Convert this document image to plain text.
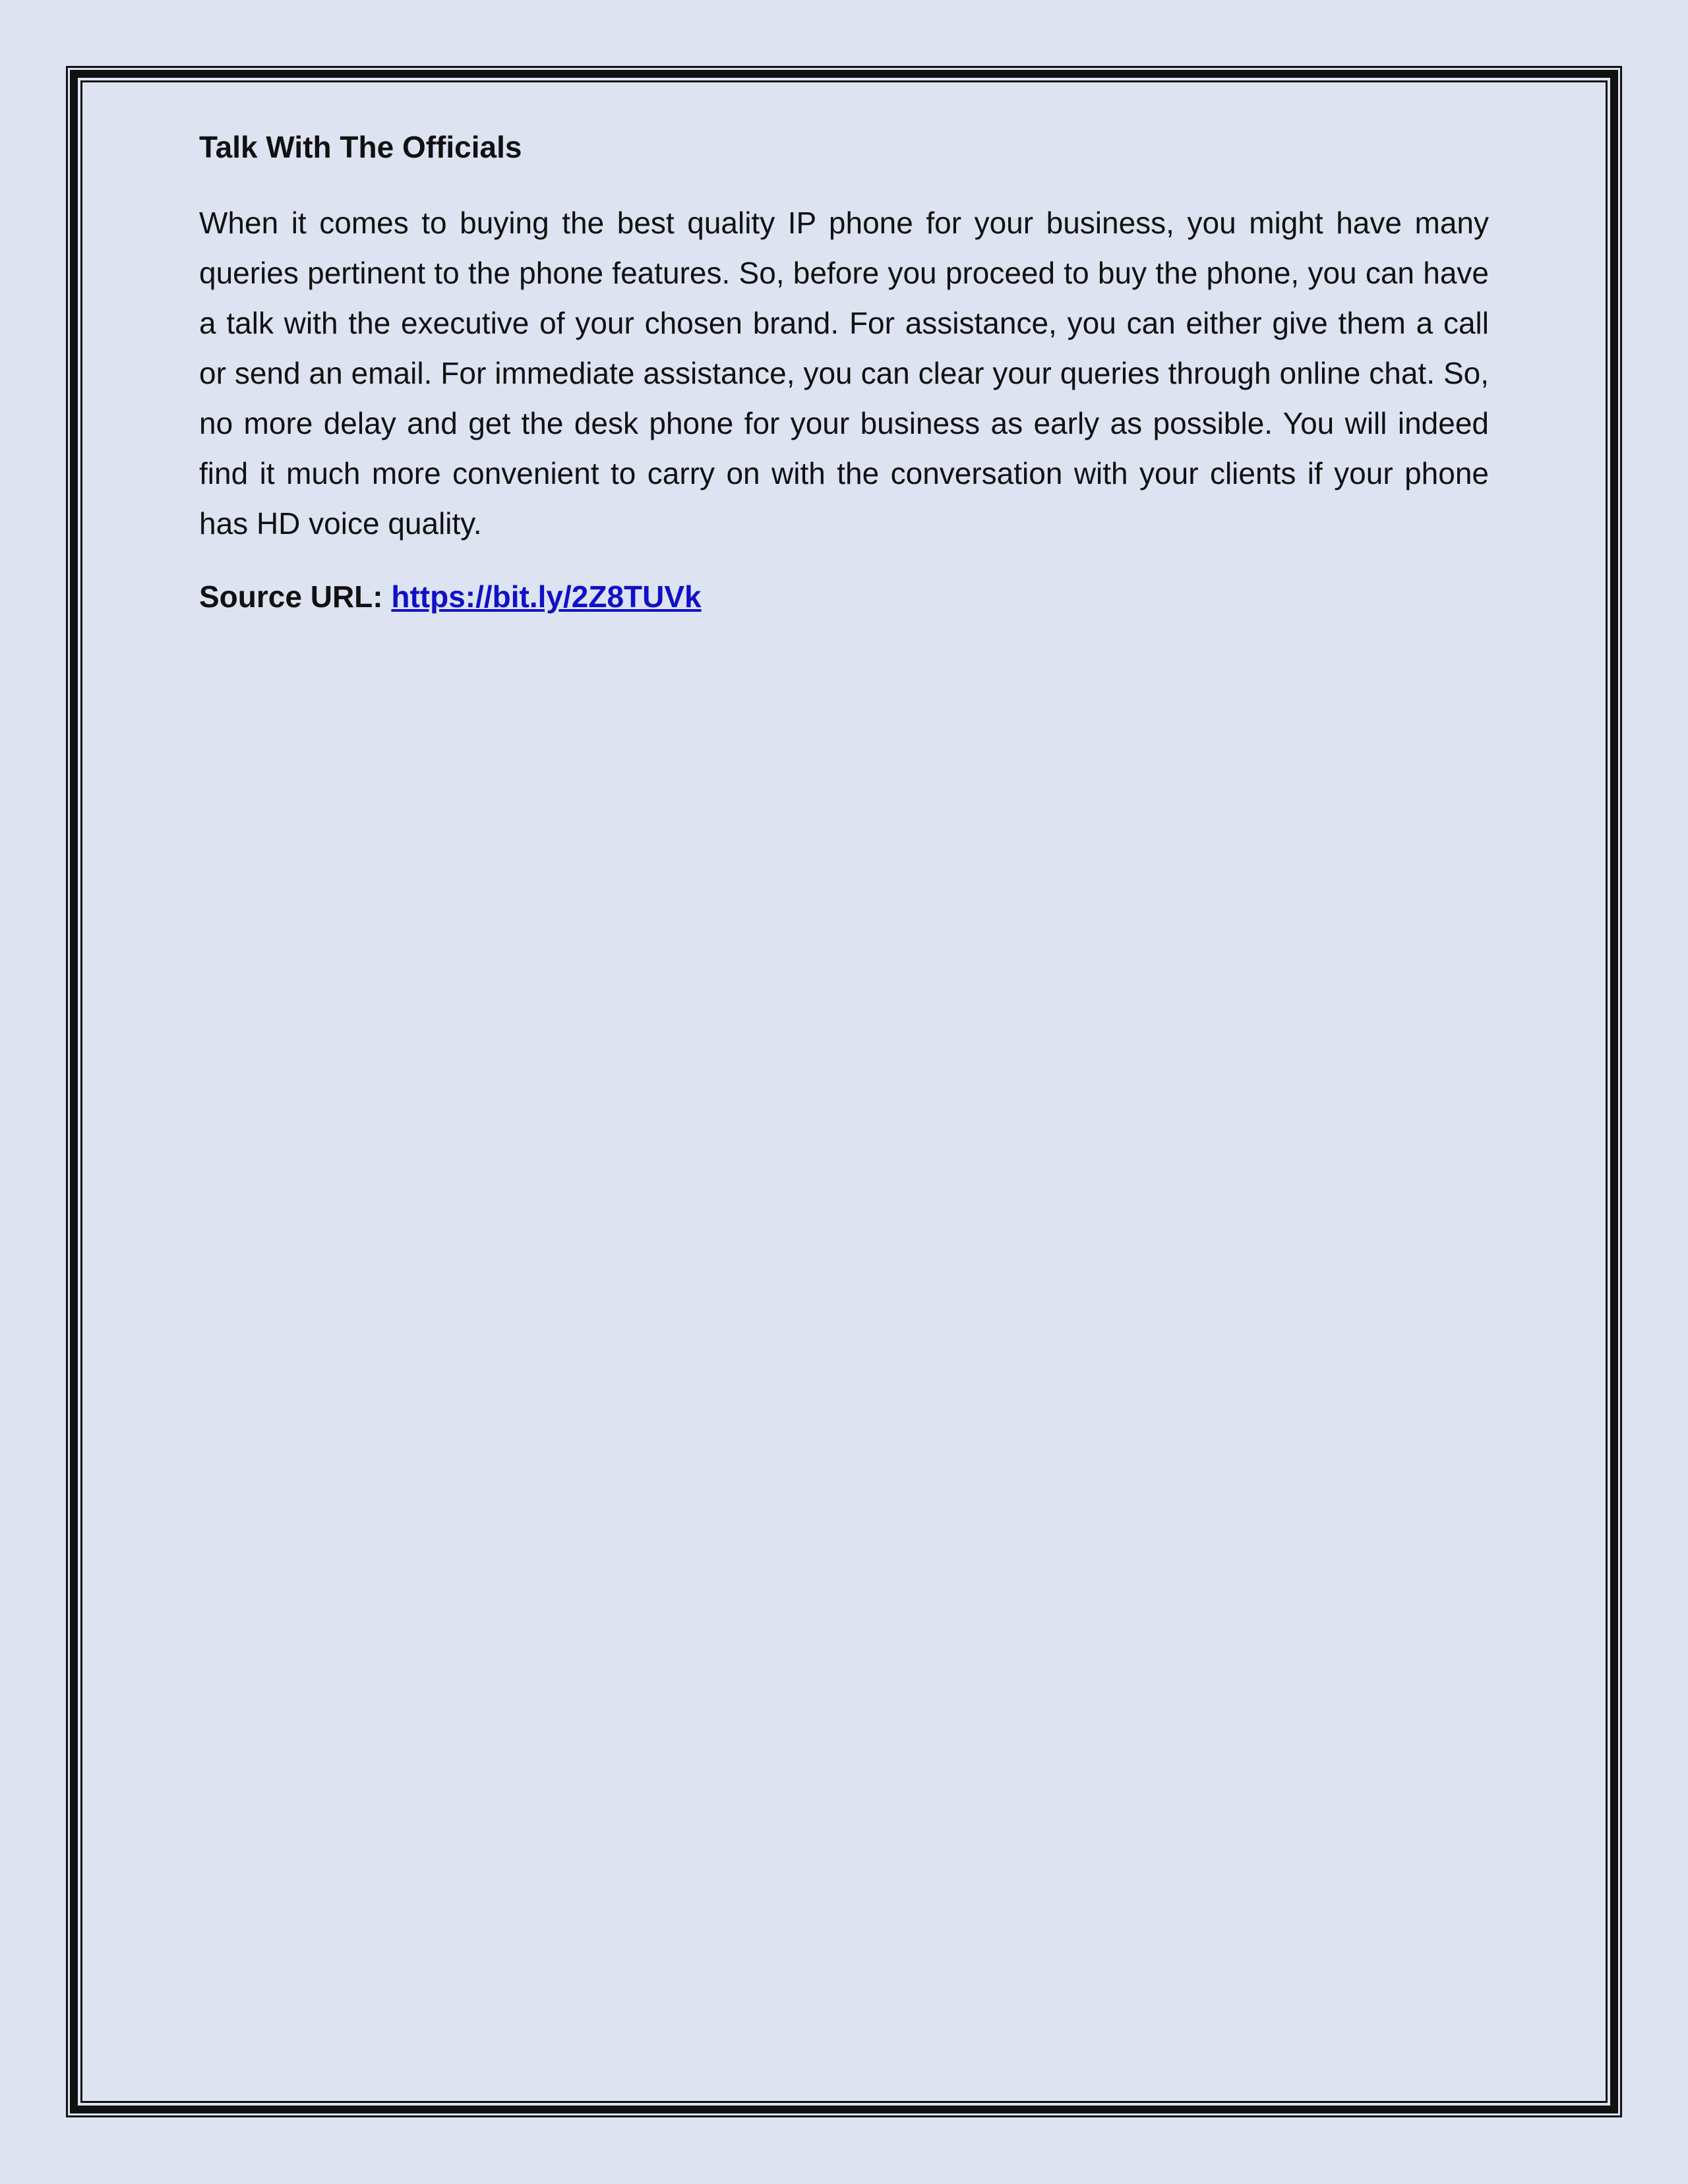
Talk With The Officials

When it comes to buying the best quality IP phone for your business, you might have many queries pertinent to the phone features. So, before you proceed to buy the phone, you can have a talk with the executive of your chosen brand. For assistance, you can either give them a call or send an email. For immediate assistance, you can clear your queries through online chat. So, no more delay and get the desk phone for your business as early as possible. You will indeed find it much more convenient to carry on with the conversation with your clients if your phone has HD voice quality.

Source URL: https://bit.ly/2Z8TUVk
